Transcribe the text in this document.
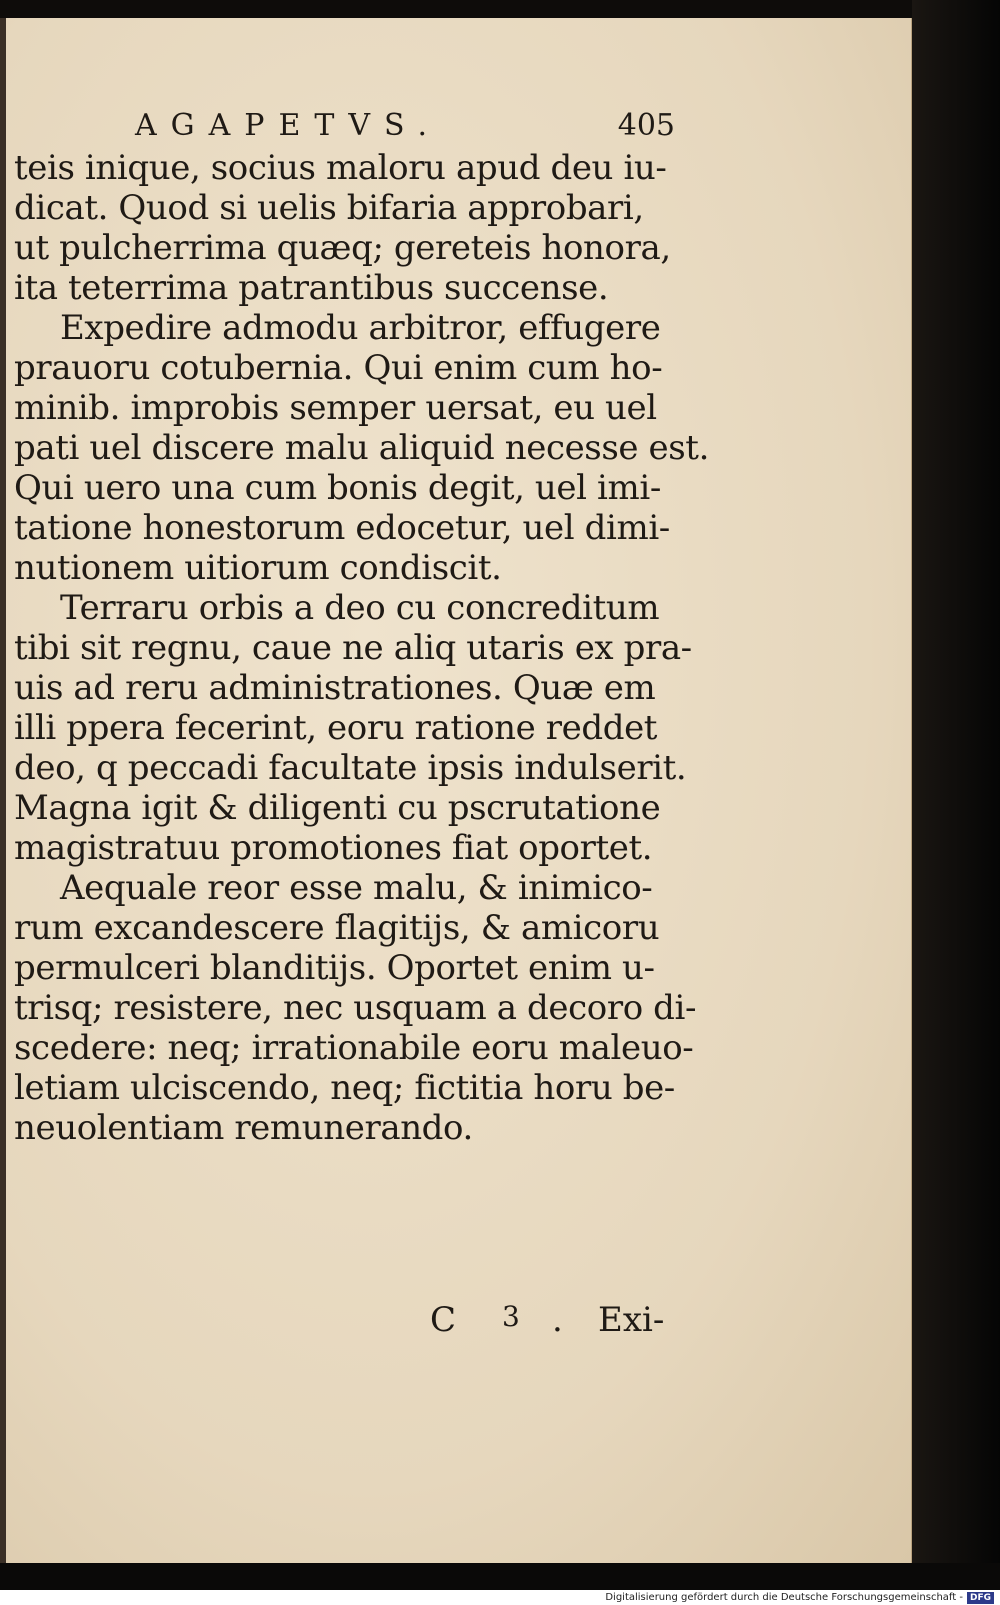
AGAPETVS.	405
teis inique, socius maloru apud deu iu-
dicat. Quod si uelis bifaria approbari,
ut pulcherrima quæq; gereteis honora,
ita teterrima patrantibus succense.
Expedire admodu arbitror, effugere
prauoru cotubernia. Qui enim cum ho-
minib. improbis semper uersat, eu uel
pati uel discere malu aliquid necesse est.
Qui uero una cum bonis degit, uel imi-
tatione honestorum edocetur, uel dimi-
nutionem uitiorum condiscit.
Terraru orbis a deo cu concreditum
tibi sit regnu, caue ne aliq utaris ex pra-
uis ad reru administrationes. Quæ em
illi ppera fecerint, eoru ratione reddet
deo, q peccadi facultate ipsis indulserit.
Magna igit & diligenti cu pscrutatione
magistratuu promotiones fiat oportet.
Aequale reor esse malu, & inimico-
rum excandescere flagitijs, & amicoru
permulceri blanditijs. Oportet enim u-
trisq; resistere, nec usquam a decoro di-
scedere: neq; irrationabile eoru maleuo-
letiam ulciscendo, neq; fictitia horu be-
neuolentiam remunerando.
C 3 . Exi-
Digitalisierung gefördert durch die Deutsche Forschungsgemeinschaft - DFG
